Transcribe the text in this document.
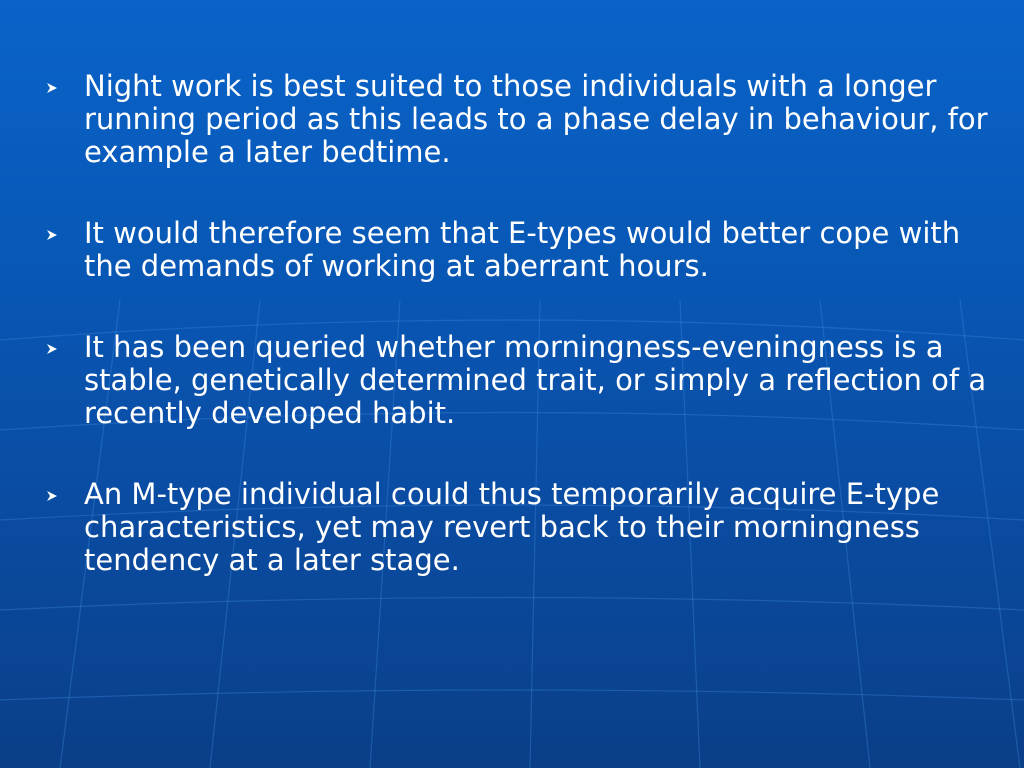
Night work is best suited to those individuals with a longer running period as this leads to a phase delay in behaviour, for example a later bedtime.
It would therefore seem that E-types would better cope with the demands of working at aberrant hours.
It has been queried whether morningness-eveningness is a stable, genetically determined trait, or simply a reflection of a recently developed habit.
An M-type individual could thus temporarily acquire E-type characteristics, yet may revert back to their morningness tendency at a later stage.
